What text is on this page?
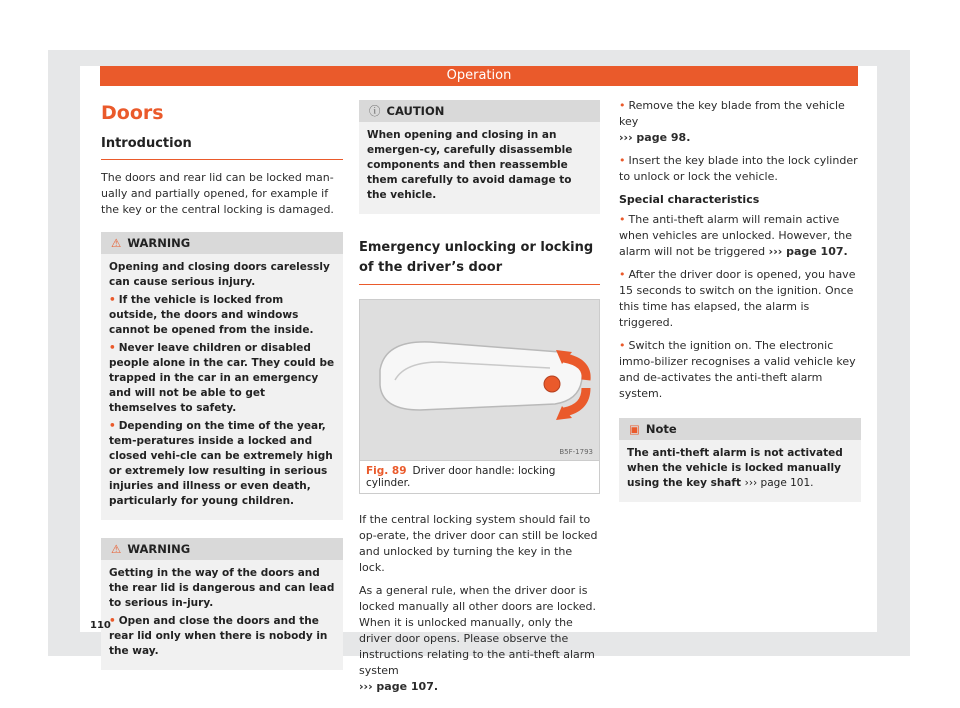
Operation
Doors
Introduction

The doors and rear lid can be locked man-ually and partially opened, for example if the key or the central locking is damaged.

⚠ WARNING

Opening and closing doors carelessly can cause serious injury.

• If the vehicle is locked from outside, the doors and windows cannot be opened from the inside.

• Never leave children or disabled people alone in the car. They could be trapped in the car in an emergency and will not be able to get themselves to safety.

• Depending on the time of the year, tem-peratures inside a locked and closed vehi-cle can be extremely high or extremely low resulting in serious injuries and illness or even death, particularly for young children.

⚠ WARNING

Getting in the way of the doors and the rear lid is dangerous and can lead to serious in-jury.

• Open and close the doors and the rear lid only when there is nobody in the way.

ⓘ CAUTION

When opening and closing in an emergen-cy, carefully disassemble components and then reassemble them carefully to avoid damage to the vehicle.

Emergency unlocking or locking of the driver’s door
B5F-1793
Fig. 89 Driver door handle: locking cylinder.

If the central locking system should fail to op-erate, the driver door can still be locked and unlocked by turning the key in the lock.

As a general rule, when the driver door is locked manually all other doors are locked. When it is unlocked manually, only the driver door opens. Please observe the instructions relating to the anti-theft alarm system
››› page 107.

• Remove the key blade from the vehicle key
››› page 98.

• Insert the key blade into the lock cylinder to unlock or lock the vehicle.

Special characteristics

• The anti-theft alarm will remain active when vehicles are unlocked. However, the alarm will not be triggered ››› page 107.

• After the driver door is opened, you have 15 seconds to switch on the ignition. Once this time has elapsed, the alarm is triggered.

• Switch the ignition on. The electronic immo-bilizer recognises a valid vehicle key and de-activates the anti-theft alarm system.

▣ Note

The anti-theft alarm is not activated when the vehicle is locked manually using the key shaft ››› page 101.

110
